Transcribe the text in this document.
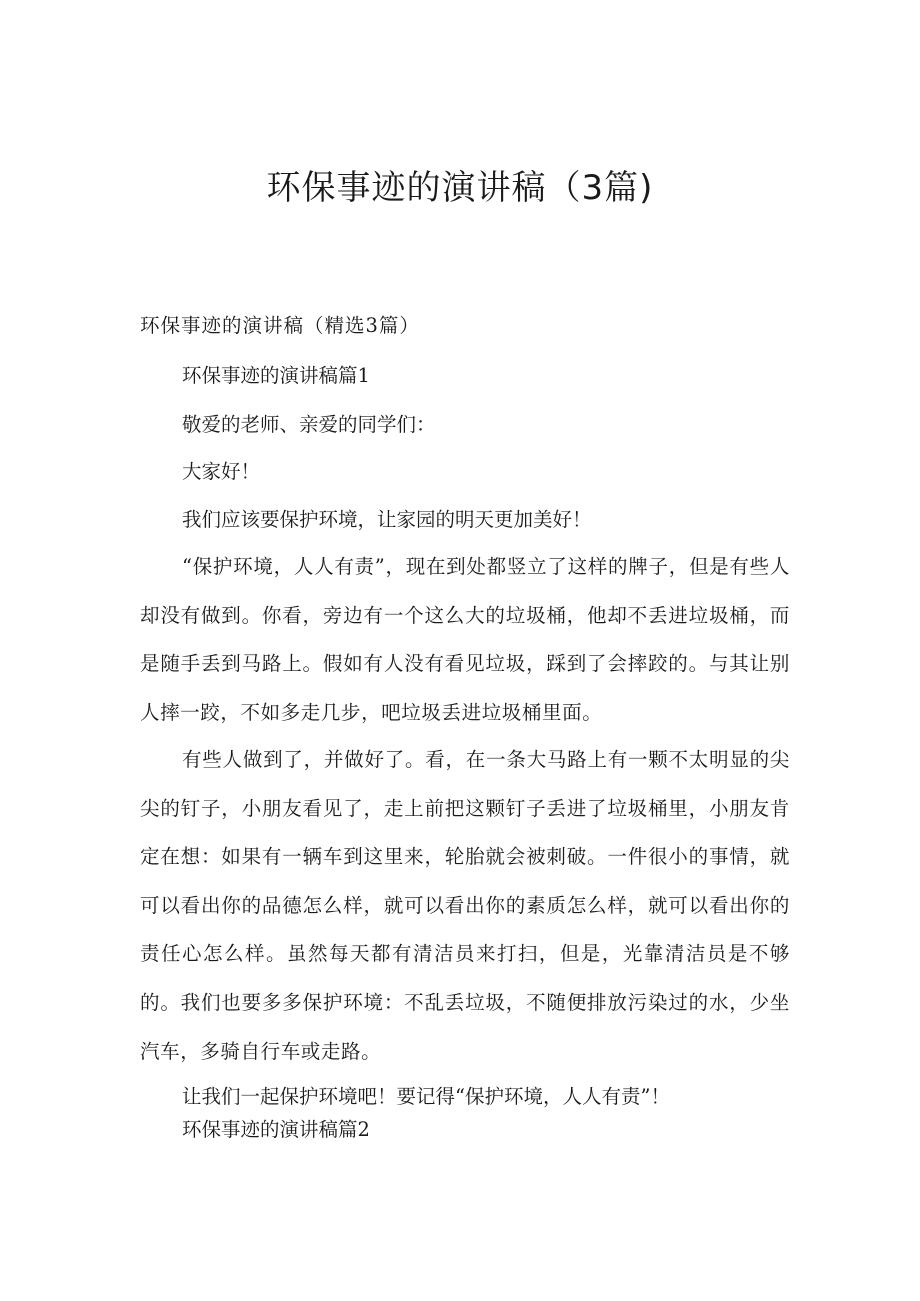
环保事迹的演讲稿（3篇)

环保事迹的演讲稿（精选3篇）

环保事迹的演讲稿篇1

敬爱的老师、亲爱的同学们：

大家好！

我们应该要保护环境，让家园的明天更加美好！

“保护环境，人人有责”，现在到处都竖立了这样的牌子，但是有些人却没有做到。你看，旁边有一个这么大的垃圾桶，他却不丢进垃圾桶，而是随手丢到马路上。假如有人没有看见垃圾，踩到了会摔跤的。与其让别人摔一跤，不如多走几步，吧垃圾丢进垃圾桶里面。

有些人做到了，并做好了。看，在一条大马路上有一颗不太明显的尖尖的钉子，小朋友看见了，走上前把这颗钉子丢进了垃圾桶里，小朋友肯定在想：如果有一辆车到这里来，轮胎就会被刺破。一件很小的事情，就可以看出你的品德怎么样，就可以看出你的素质怎么样，就可以看出你的责任心怎么样。虽然每天都有清洁员来打扫，但是，光靠清洁员是不够的。我们也要多多保护环境：不乱丢垃圾，不随便排放污染过的水，少坐汽车，多骑自行车或走路。

让我们一起保护环境吧！要记得“保护环境，人人有责”！

环保事迹的演讲稿篇2
